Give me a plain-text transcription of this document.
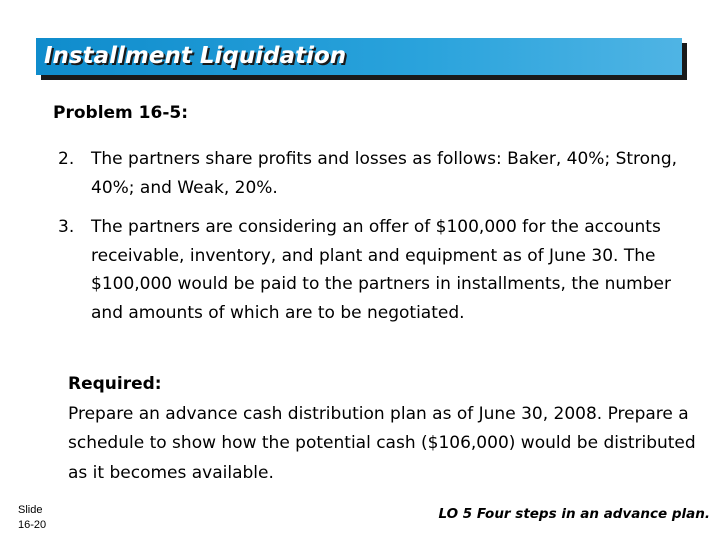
Installment Liquidation
Problem 16-5:
2. The partners share profits and losses as follows: Baker, 40%; Strong, 40%; and Weak, 20%.
3. The partners are considering an offer of $100,000 for the accounts receivable, inventory, and plant and equipment as of June 30. The $100,000 would be paid to the partners in installments, the number and amounts of which are to be negotiated.
Required:
Prepare an advance cash distribution plan as of June 30, 2008. Prepare a schedule to show how the potential cash ($106,000) would be distributed as it becomes available.
Slide
16-20
LO 5 Four steps in an advance plan.
